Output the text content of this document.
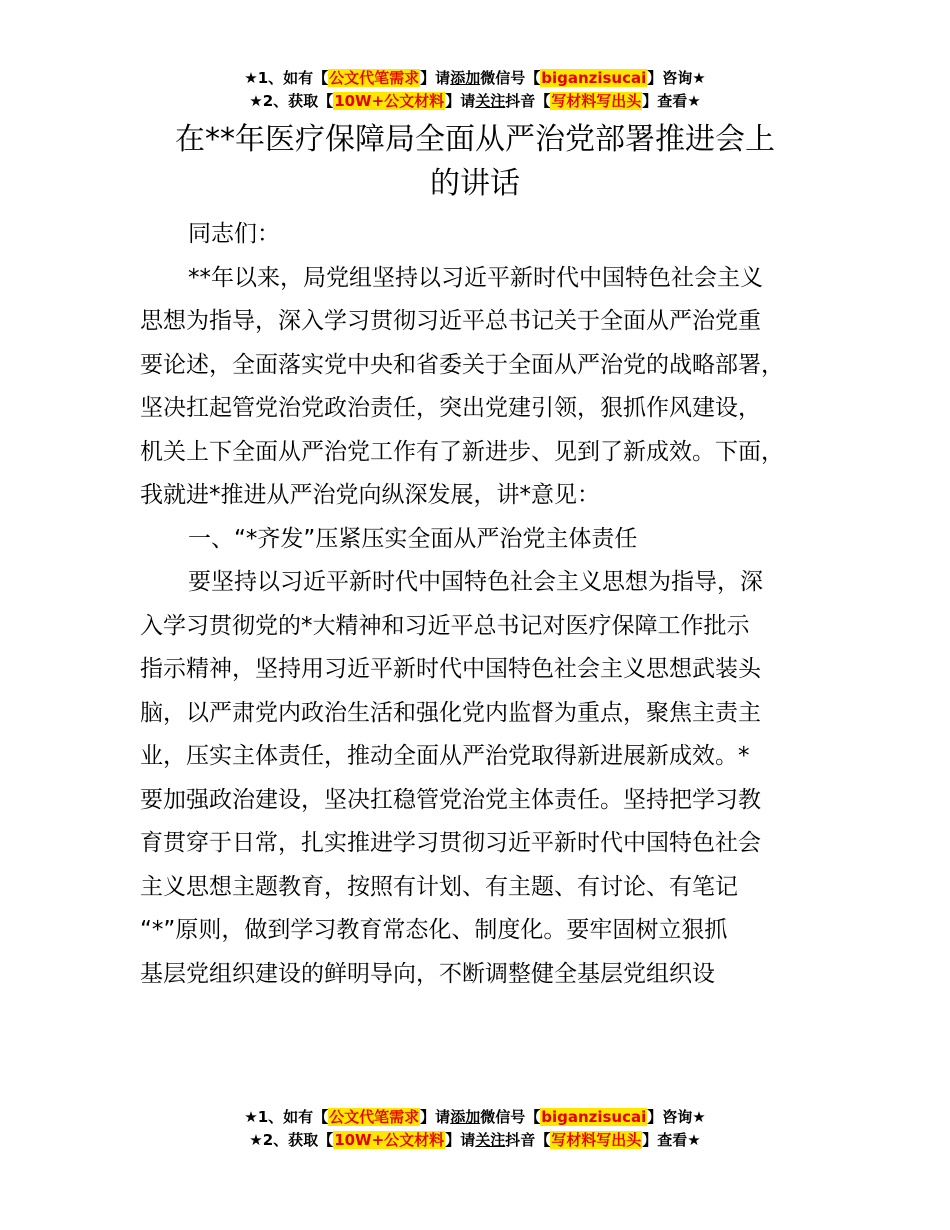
★1、如有【公文代笔需求】请添加微信号【biganzisucai】咨询★
★2、获取【10W+公文材料】请关注抖音【写材料写出头】查看★
在**年医疗保障局全面从严治党部署推进会上
的讲话
同志们：
**年以来，局党组坚持以习近平新时代中国特色社会主义
思想为指导，深入学习贯彻习近平总书记关于全面从严治党重
要论述，全面落实党中央和省委关于全面从严治党的战略部署，
坚决扛起管党治党政治责任，突出党建引领，狠抓作风建设，
机关上下全面从严治党工作有了新进步、见到了新成效。下面，
我就进*推进从严治党向纵深发展，讲*意见：
一、“*齐发”压紧压实全面从严治党主体责任
要坚持以习近平新时代中国特色社会主义思想为指导，深
入学习贯彻党的*大精神和习近平总书记对医疗保障工作批示
指示精神，坚持用习近平新时代中国特色社会主义思想武装头
脑，以严肃党内政治生活和强化党内监督为重点，聚焦主责主
业，压实主体责任，推动全面从严治党取得新进展新成效。*
要加强政治建设，坚决扛稳管党治党主体责任。坚持把学习教
育贯穿于日常，扎实推进学习贯彻习近平新时代中国特色社会
主义思想主题教育，按照有计划、有主题、有讨论、有笔记
“*”原则，做到学习教育常态化、制度化。要牢固树立狠抓
基层党组织建设的鲜明导向，不断调整健全基层党组织设
★1、如有【公文代笔需求】请添加微信号【biganzisucai】咨询★
★2、获取【10W+公文材料】请关注抖音【写材料写出头】查看★
